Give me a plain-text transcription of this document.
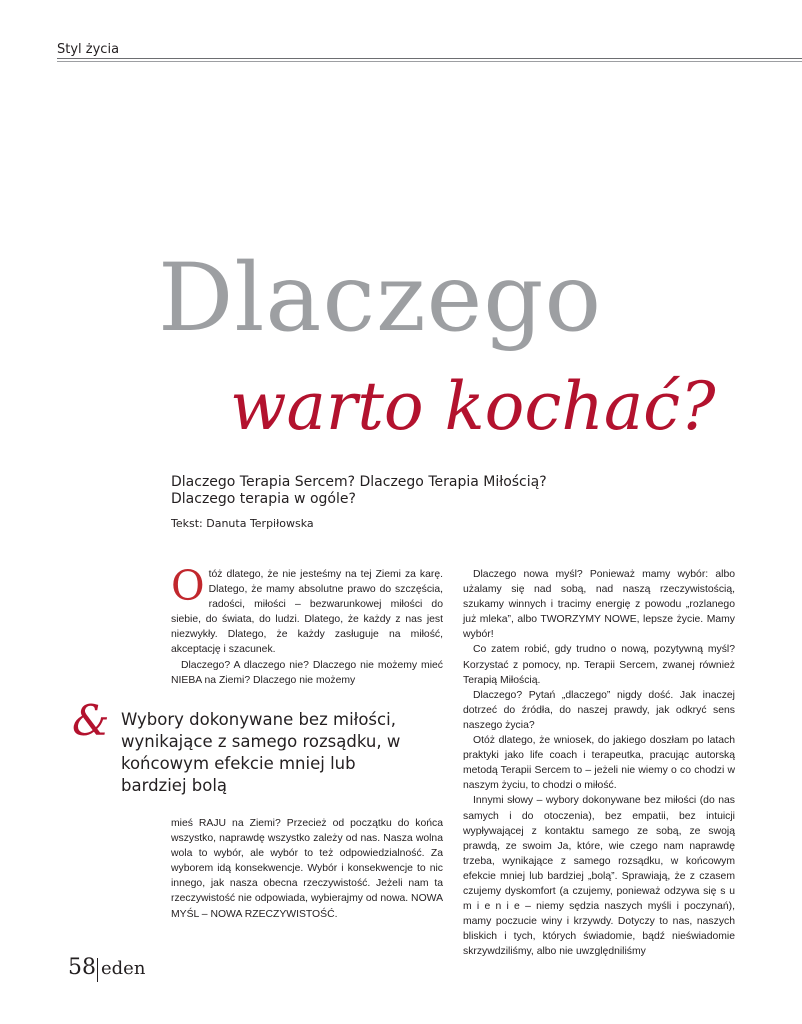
Styl życia
Dlaczego
warto kochać?
Dlaczego Terapia Sercem? Dlaczego Terapia Miłością? Dlaczego terapia w ogóle?
Tekst: Danuta Terpiłowska
O tóż dlatego, że nie jesteśmy na tej Ziemi za karę. Dlatego, że mamy absolutne prawo do szczęścia, radości, miłości – bezwarunkowej miłości do siebie, do świata, do ludzi. Dlatego, że każdy z nas jest niezwykły. Dlatego, że każdy zasługuje na miłość, akceptację i szacunek.

Dlaczego? A dlaczego nie? Dlaczego nie możemy mieć NIEBA na Ziemi? Dlaczego nie możemy

& Wybory dokonywane bez miłości, wynikające z samego rozsądku, w końcowym efekcie mniej lub bardziej bolą

mieś RAJU na Ziemi? Przecież od początku do końca wszystko, naprawdę wszystko zależy od nas. Nasza wolna wola to wybór, ale wybór to też odpowiedzialność. Za wyborem idą konsekwencje. Wybór i konsekwencje to nic innego, jak nasza obecna rzeczywistość. Jeżeli nam ta rzeczywistość nie odpowiada, wybierajmy od nowa. NOWA MYŚL – NOWA RZECZYWISTOŚĆ.

Dlaczego nowa myśl? Ponieważ mamy wybór: albo użalamy się nad sobą, nad naszą rzeczywistością, szukamy winnych i tracimy energię z powodu „rozlanego już mleka”, albo TWORZYMY NOWE, lepsze życie. Mamy wybór!

Co zatem robić, gdy trudno o nową, pozytywną myśl? Korzystać z pomocy, np. Terapii Sercem, zwanej również Terapią Miłością.

Dlaczego? Pytań „dlaczego” nigdy dość. Jak inaczej dotrzeć do źródła, do naszej prawdy, jak odkryć sens naszego życia?

Otóż dlatego, że wniosek, do jakiego doszłam po latach praktyki jako life coach i terapeutka, pracując autorską metodą Terapii Sercem to – jeżeli nie wiemy o co chodzi w naszym życiu, to chodzi o miłość.

Innymi słowy – wybory dokonywane bez miłości (do nas samych i do otoczenia), bez empatii, bez intuicji wypływającej z kontaktu samego ze sobą, ze swoją prawdą, ze swoim Ja, które, wie czego nam naprawdę trzeba, wynikające z samego rozsądku, w końcowym efekcie mniej lub bardziej „bolą”. Sprawiają, że z czasem czujemy dyskomfort (a czujemy, ponieważ odzywa się s u m i e n i e – niemy sędzia naszych myśli i poczynań), mamy poczucie winy i krzywdy. Dotyczy to nas, naszych bliskich i tych, których świadomie, bądź nieświadomie skrzywdziliśmy, albo nie uwzględniliśmy

58 eden
